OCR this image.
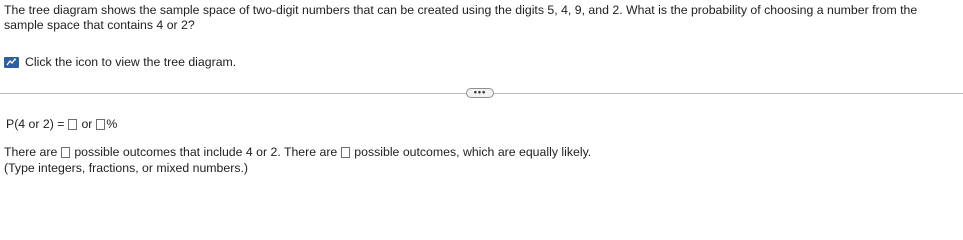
The tree diagram shows the sample space of two-digit numbers that can be created using the digits 5, 4, 9, and 2. What is the probability of choosing a number from the sample space that contains 4 or 2?
Click the icon to view the tree diagram.
•••
P(4 or 2) = or %
There are possible outcomes that include 4 or 2. There are possible outcomes, which are equally likely.
(Type integers, fractions, or mixed numbers.)
